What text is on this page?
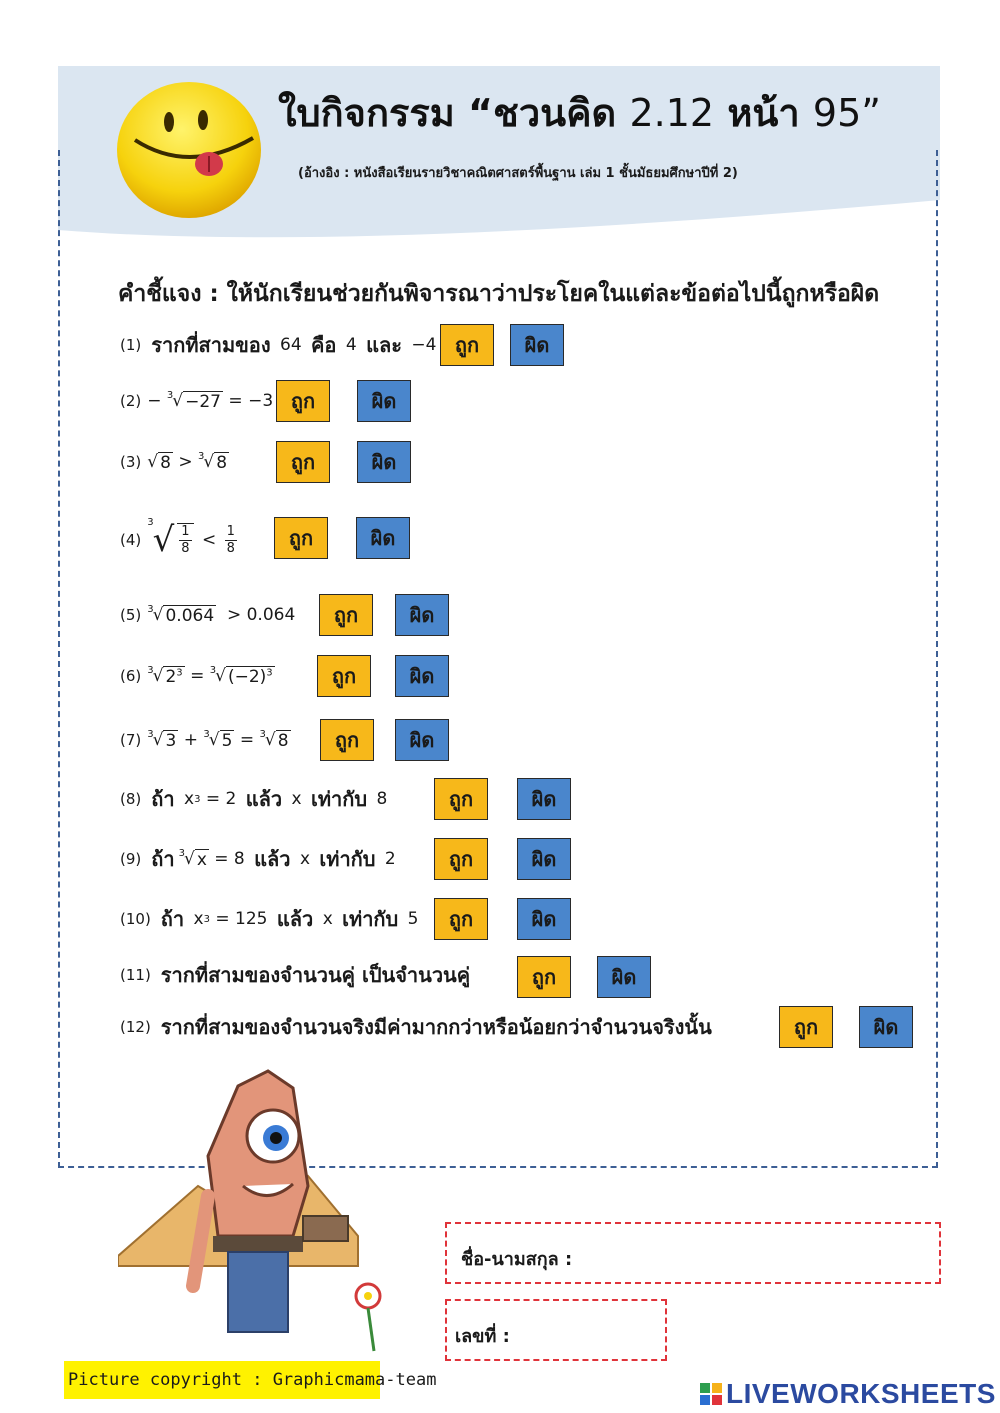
ใบกิจกรรม “ชวนคิด 2.12 หน้า 95”
(อ้างอิง : หนังสือเรียนรายวิชาคณิตศาสตร์พื้นฐาน เล่ม 1 ชั้นมัธยมศึกษาปีที่ 2)
คำชี้แจง : ให้นักเรียนช่วยกันพิจารณาว่าประโยคในแต่ละข้อต่อไปนี้ถูกหรือผิด
(1) รากที่สามของ
64
คือ
4
และ
−4 ถูก	ผิด
(2) −
3 √ −27
= −3 ถูก	ผิด
(3) √ 8
>
3 √ 8	ถูก	ผิด
(4)
3 √ $\frac{1}{8}$
<
$\frac{1}{8}$	ถูก	ผิด
(5) 3 √ 0.064
> 0.064	ถูก	ผิด
(6) 3 √ $2^3$
=
3 √ $(-2)^3$	ถูก	ผิด
(7) 3 √ 3
+
3 √ 5
=
3 √ 8	ถูก	ผิด
(8) ถ้า
x 3
= 2
แล้ว
x
เท่ากับ
8	ถูก	ผิด
(9) ถ้า 3 √ x
= 8
แล้ว
x
เท่ากับ
2	ถูก	ผิด
(10) ถ้า
x 3
= 125
แล้ว
x
เท่ากับ
5	ถูก	ผิด
(11) รากที่สามของจำนวนคู่ เป็นจำนวนคู่	ถูก	ผิด
(12) รากที่สามของจำนวนจริงมีค่ามากกว่าหรือน้อยกว่าจำนวนจริงนั้น	ถูก	ผิด
ชื่อ-นามสกุล :
เลขที่ :
Picture copyright : Graphicmama-team	LIVEWORKSHEETS
